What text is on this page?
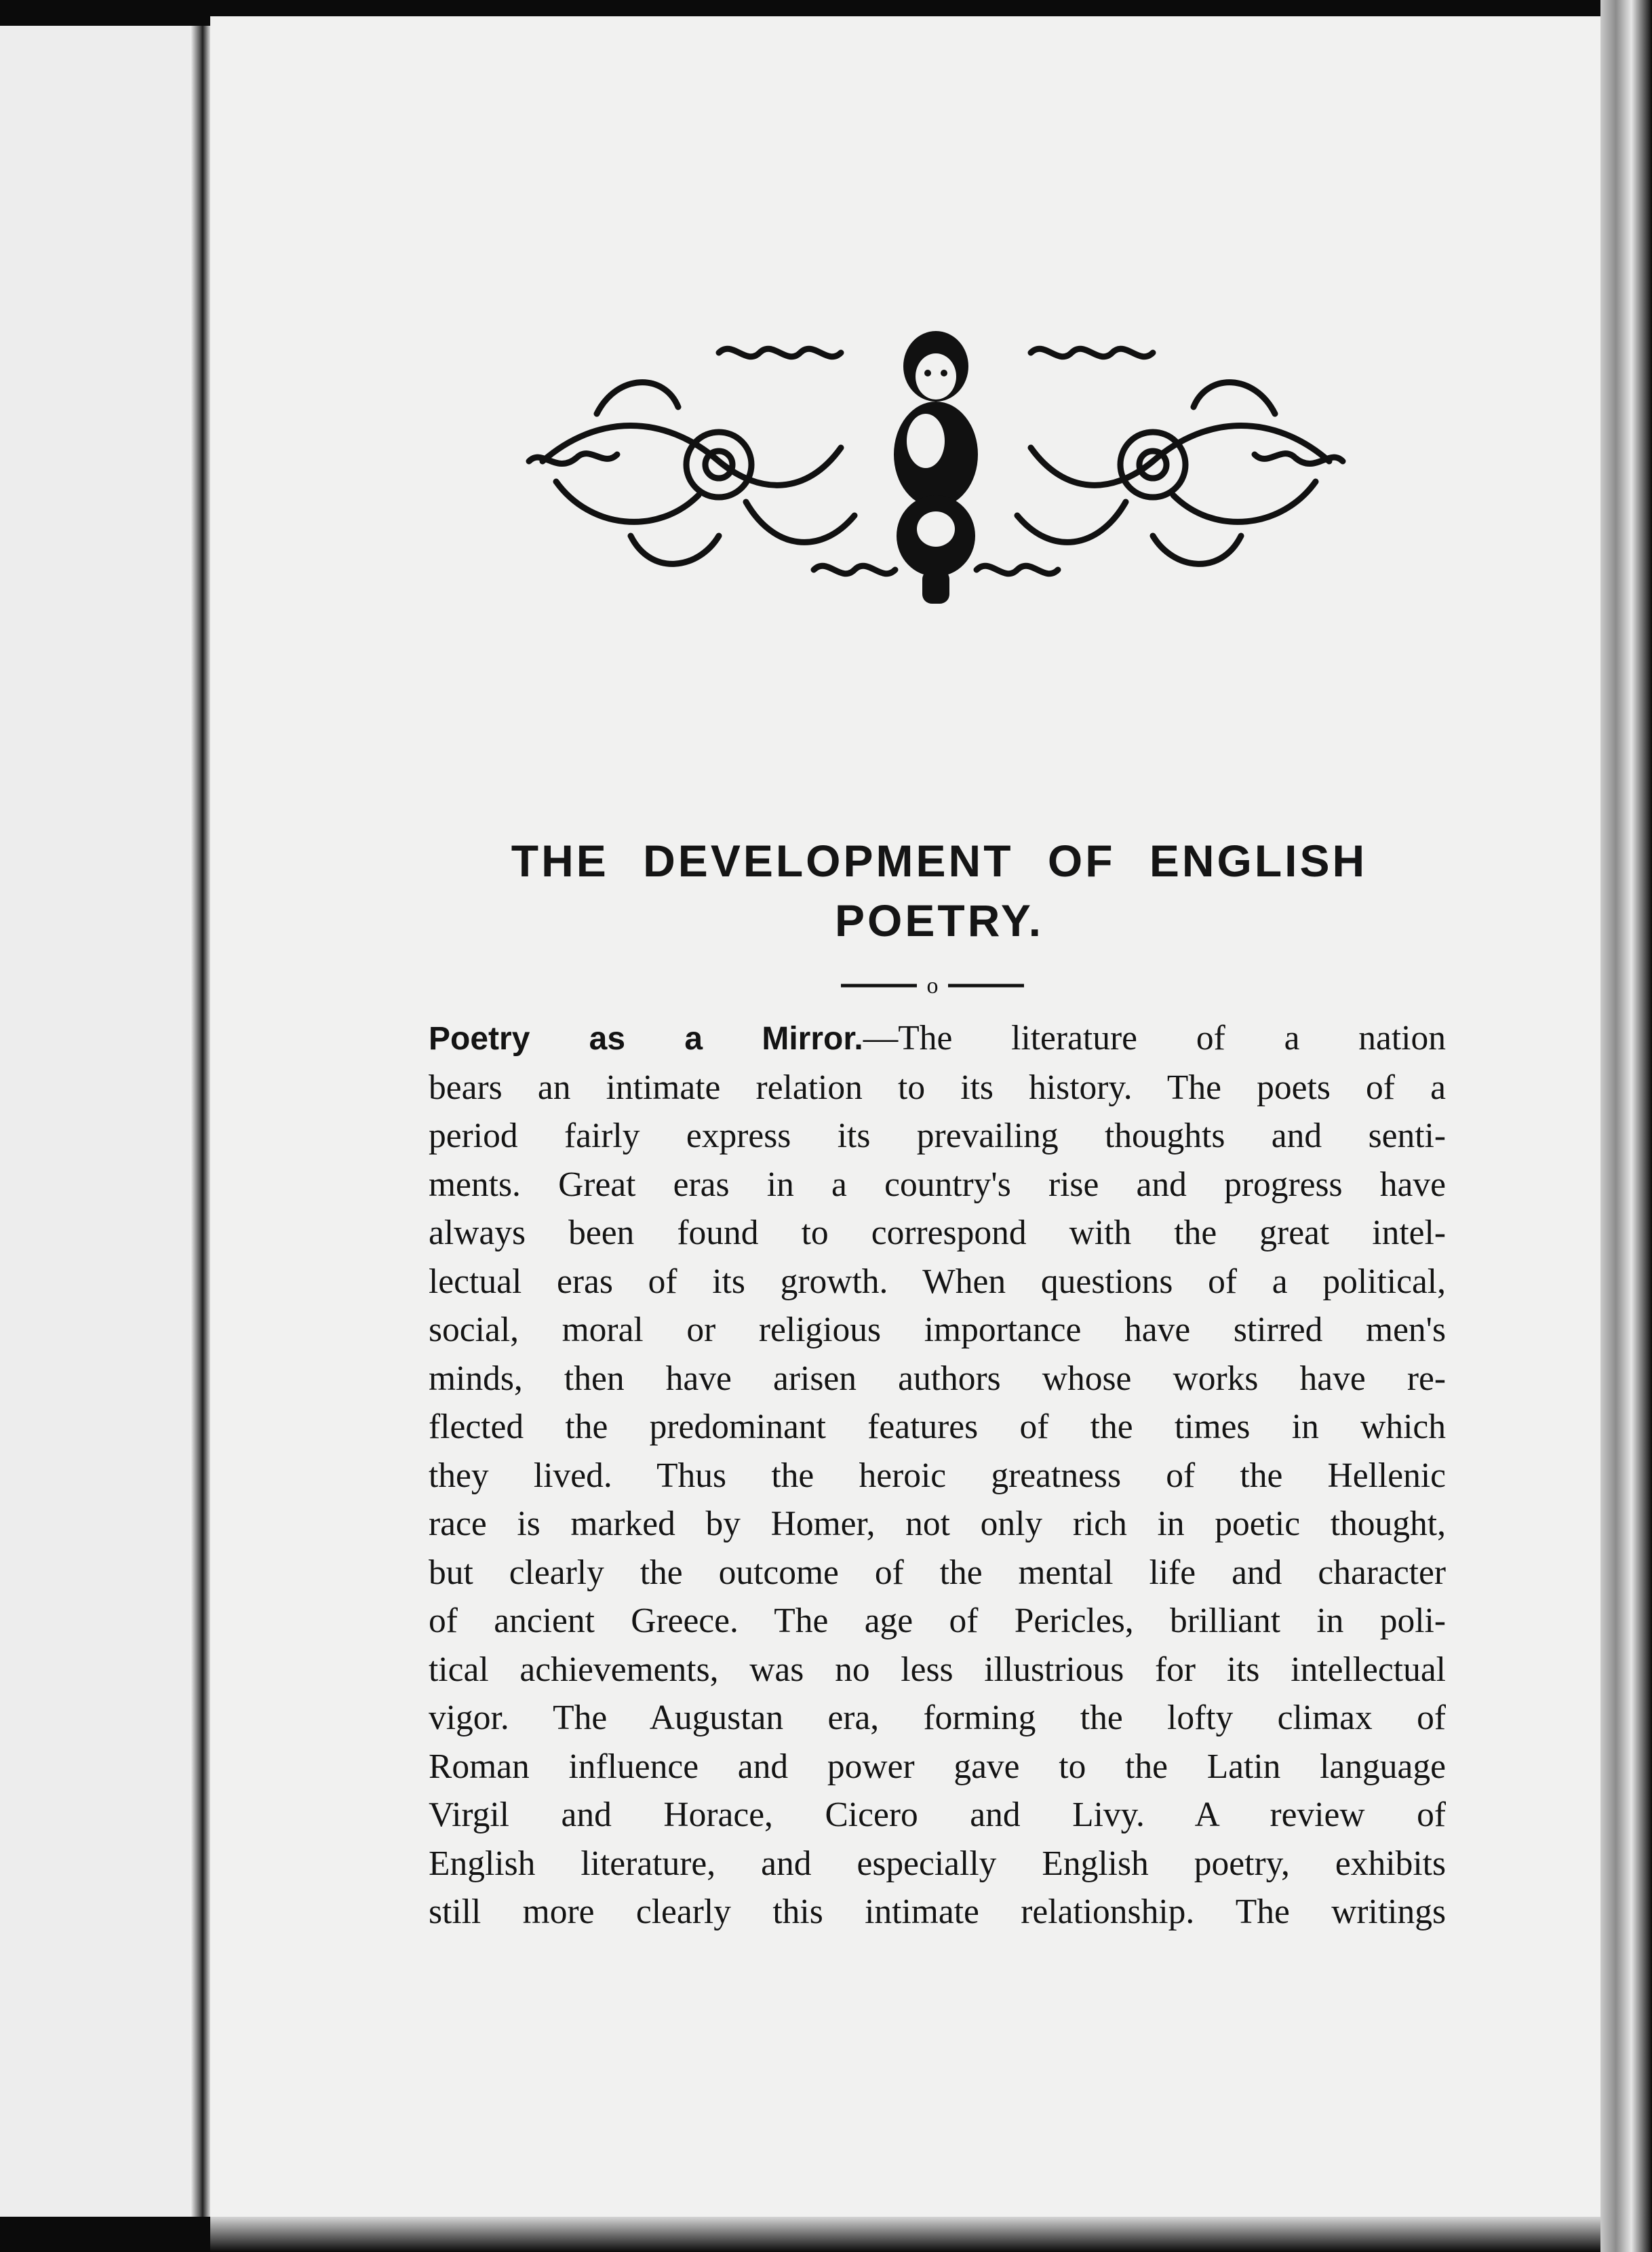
THE DEVELOPMENT OF ENGLISH
POETRY.
o
Poetry as a Mirror.—The literature of a nation
bears an intimate relation to its history. The poets of a
period fairly express its prevailing thoughts and senti-
ments. Great eras in a country's rise and progress have
always been found to correspond with the great intel-
lectual eras of its growth. When questions of a political,
social, moral or religious importance have stirred men's
minds, then have arisen authors whose works have re-
flected the predominant features of the times in which
they lived. Thus the heroic greatness of the Hellenic
race is marked by Homer, not only rich in poetic thought,
but clearly the outcome of the mental life and character
of ancient Greece. The age of Pericles, brilliant in poli-
tical achievements, was no less illustrious for its intellectual
vigor. The Augustan era, forming the lofty climax of
Roman influence and power gave to the Latin language
Virgil and Horace, Cicero and Livy. A review of
English literature, and especially English poetry, exhibits
still more clearly this intimate relationship. The writings
